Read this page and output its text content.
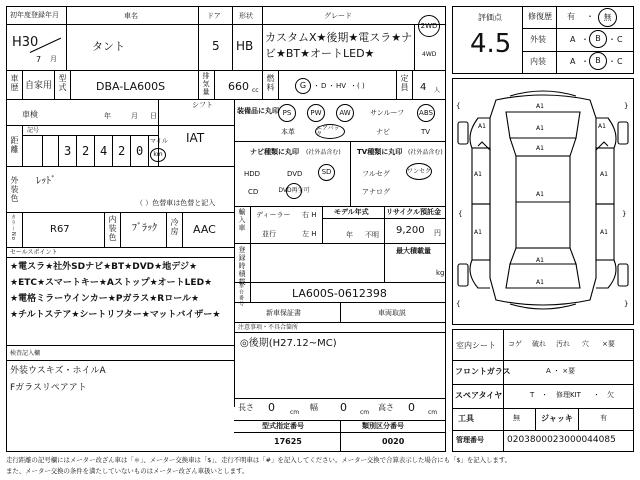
初年度登録年月
H30
7 月
車名
タント
ドア
5
形状
HB
グレード
カスタムX★後期★電スラ★ナ
ビ★BT★オートLED★
2WD
4WD
評価点
4.5
修復歴 有 ・ 無
外装	A ・ B ・ C
内装	A ・ B ・ C
車歴 自家用 型式	DBA-LA600S	排気量 660 cc 燃料	G ・ D ・ HV ・( )	定員 4 人
車検	年	月 日
シフト
IAT
距離
記号
3 2 4 2 0
マイル
km
外装色 ﾚｯﾄﾞ
（ ）色替車は色替と記入
カラーNo	R67	内装色 ﾌﾞﾗｯｸ 冷房 AAC
セールスポイント
★電スラ★社外SDナビ★BT★DVD★地デジ★
★ETC★スマートキー★Aストップ★オートLED★
★電格ミラーウインカー★Pガラス★Rロール★
★チルトステア★シートリフター★マットバイザー★
検査記入欄
外装ウスキズ・ホイルA
Fガラスリペアアト
装備品に丸印 PS	PW	AW	サンルーフ ABS
本革	エアバック	ナビ	TV
ナビ種類に丸印 (社外品含む)
HDD	DVD	SD
CD	DVD再生可
TV種類に丸印 (社外品含む)
フルセグ	ワンセグ
アナログ
輸入車 ディーラー
並行
右 H
左 H
モデル年式
年 不明
リサイクル預託金
9,200 円
登録時積載	最大積載量
kg
車台番号	LA600S-0612398
新車保証書	車両取説
注意事項・不具合箇所
◎後期(H27.12~MC)
長さ 0	cm
幅 0 cm
高さ 0 cm
型式指定番号
17625
類別区分番号
0020
室内シート コゲ 破れ 汚れ 穴 ×要
フロントガラス	A ・ ×要
スペアタイヤ	T ・ 修理KIT ・ 欠
工具	無	ジャッキ	有
管理番号	0203800023000044085
{	}
{	}
{	}
A1
A1
A1
A1
A1
A1
A1
A1
A1
A1
A1	A1
走行距離の記号欄にはメーター改ざん車は「＊」、メーター交換車は「$」、走行不明車は「#」を記入してください。メーター交換で合算表示した場合にも「$」を記入します。
また、メーター交換の条件を満たしていないものはメーター改ざん車扱いとします。
